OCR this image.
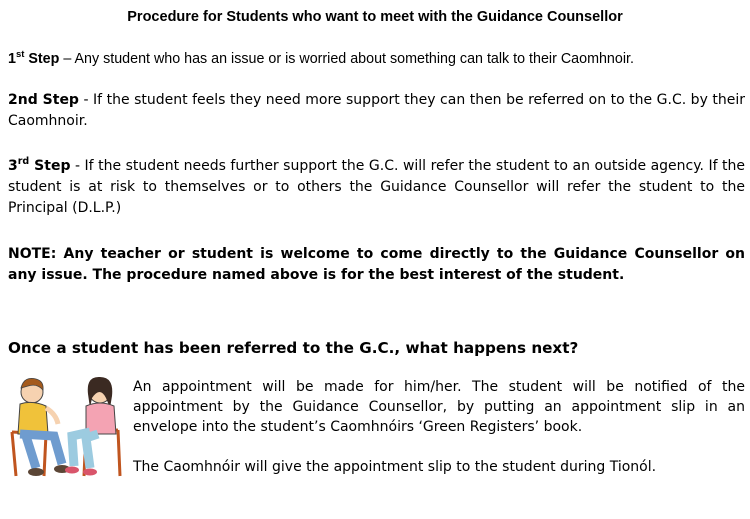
Procedure for Students who want to meet with the Guidance Counsellor
1st Step – Any student who has an issue or is worried about something can talk to their Caomhnoir.
2nd Step - If the student feels they need more support they can then be referred on to the G.C. by their Caomhnoir.
3rd Step - If the student needs further support the G.C. will refer the student to an outside agency. If the student is at risk to themselves or to others the Guidance Counsellor will refer the student to the Principal (D.L.P.)
NOTE: Any teacher or student is welcome to come directly to the Guidance Counsellor on any issue. The procedure named above is for the best interest of the student.
Once a student has been referred to the G.C., what happens next?
An appointment will be made for him/her. The student will be notified of the appointment by the Guidance Counsellor, by putting an appointment slip in an envelope into the student’s Caomhnóirs ‘Green Registers’ book.
The Caomhnóir will give the appointment slip to the student during Tionól.
